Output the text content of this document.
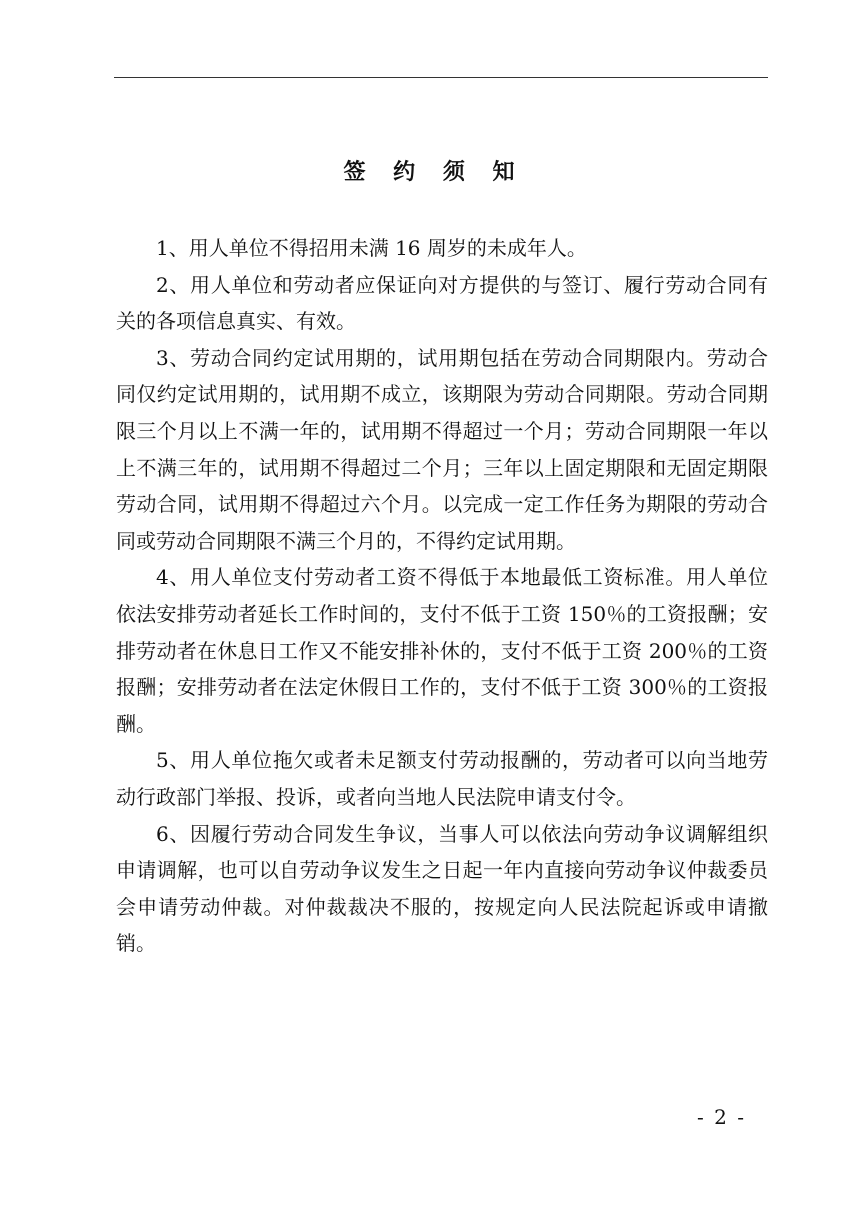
签 约 须 知

1、用人单位不得招用未满 16 周岁的未成年人。

2、用人单位和劳动者应保证向对方提供的与签订、履行劳动合同有关的各项信息真实、有效。

3、劳动合同约定试用期的，试用期包括在劳动合同期限内。劳动合同仅约定试用期的，试用期不成立，该期限为劳动合同期限。劳动合同期限三个月以上不满一年的，试用期不得超过一个月；劳动合同期限一年以上不满三年的，试用期不得超过二个月；三年以上固定期限和无固定期限劳动合同，试用期不得超过六个月。以完成一定工作任务为期限的劳动合同或劳动合同期限不满三个月的，不得约定试用期。

4、用人单位支付劳动者工资不得低于本地最低工资标准。用人单位依法安排劳动者延长工作时间的，支付不低于工资 150％的工资报酬；安排劳动者在休息日工作又不能安排补休的，支付不低于工资 200％的工资报酬；安排劳动者在法定休假日工作的，支付不低于工资 300％的工资报酬。

5、用人单位拖欠或者未足额支付劳动报酬的，劳动者可以向当地劳动行政部门举报、投诉，或者向当地人民法院申请支付令。

6、因履行劳动合同发生争议，当事人可以依法向劳动争议调解组织申请调解，也可以自劳动争议发生之日起一年内直接向劳动争议仲裁委员会申请劳动仲裁。对仲裁裁决不服的，按规定向人民法院起诉或申请撤销。

- 2 -
